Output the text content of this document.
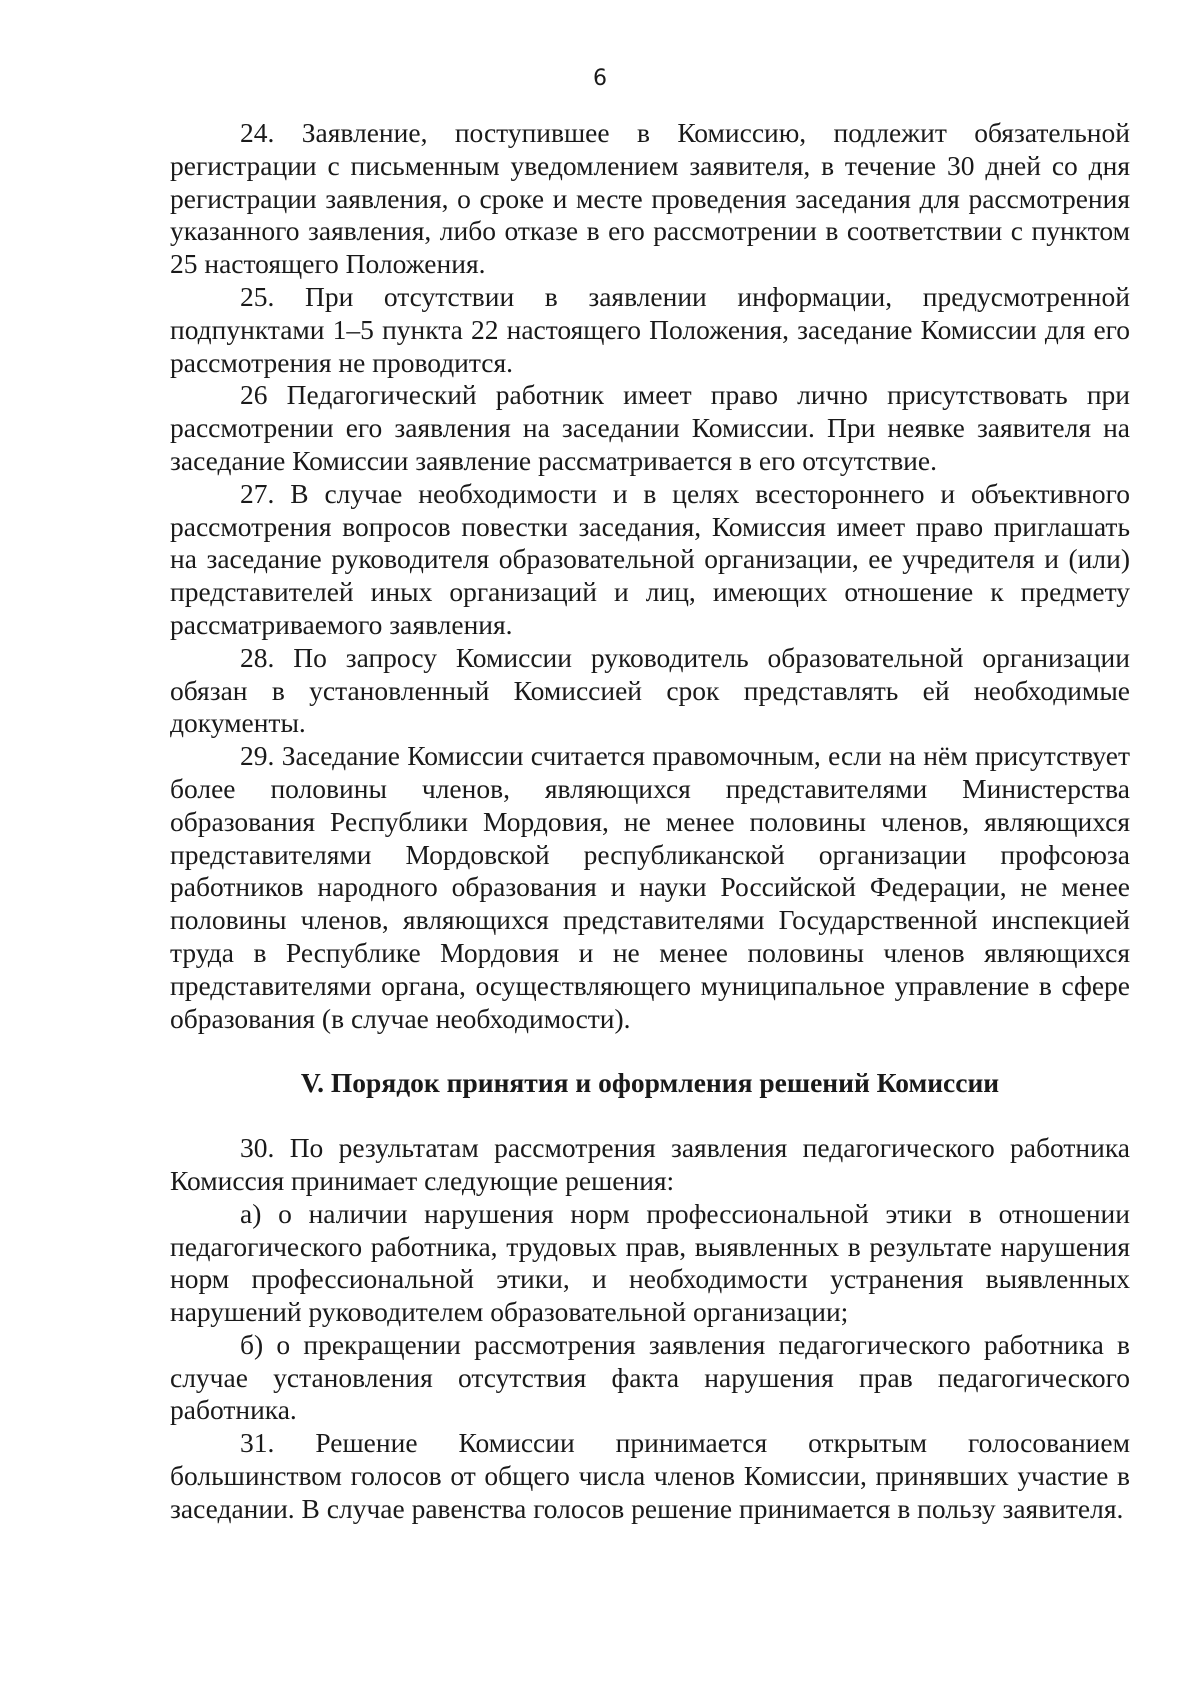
6

24. Заявление, поступившее в Комиссию, подлежит обязательной регистрации с письменным уведомлением заявителя, в течение 30 дней со дня регистрации заявления, о сроке и месте проведения заседания для рассмотрения указанного заявления, либо отказе в его рассмотрении в соответствии с пунктом 25 настоящего Положения.

25. При отсутствии в заявлении информации, предусмотренной подпунктами 1–5 пункта 22 настоящего Положения, заседание Комиссии для его рассмотрения не проводится.

26 Педагогический работник имеет право лично присутствовать при рассмотрении его заявления на заседании Комиссии. При неявке заявителя на заседание Комиссии заявление рассматривается в его отсутствие.

27. В случае необходимости и в целях всестороннего и объективного рассмотрения вопросов повестки заседания, Комиссия имеет право приглашать на заседание руководителя образовательной организации, ее учредителя и (или) представителей иных организаций и лиц, имеющих отношение к предмету рассматриваемого заявления.

28. По запросу Комиссии руководитель образовательной организации обязан в установленный Комиссией срок представлять ей необходимые документы.

29. Заседание Комиссии считается правомочным, если на нём присутствует более половины членов, являющихся представителями Министерства образования Республики Мордовия, не менее половины членов, являющихся представителями Мордовской республиканской организации профсоюза работников народного образования и науки Российской Федерации, не менее половины членов, являющихся представителями Государственной инспекцией труда в Республике Мордовия и не менее половины членов являющихся представителями органа, осуществляющего муниципальное управление в сфере образования (в случае необходимости).

V. Порядок принятия и оформления решений Комиссии

30. По результатам рассмотрения заявления педагогического работника Комиссия принимает следующие решения:

а) о наличии нарушения норм профессиональной этики в отношении педагогического работника, трудовых прав, выявленных в результате нарушения норм профессиональной этики, и необходимости устранения выявленных нарушений руководителем образовательной организации;

б) о прекращении рассмотрения заявления педагогического работника в случае установления отсутствия факта нарушения прав педагогического работника.

31. Решение Комиссии принимается открытым голосованием большинством голосов от общего числа членов Комиссии, принявших участие в заседании. В случае равенства голосов решение принимается в пользу заявителя.
